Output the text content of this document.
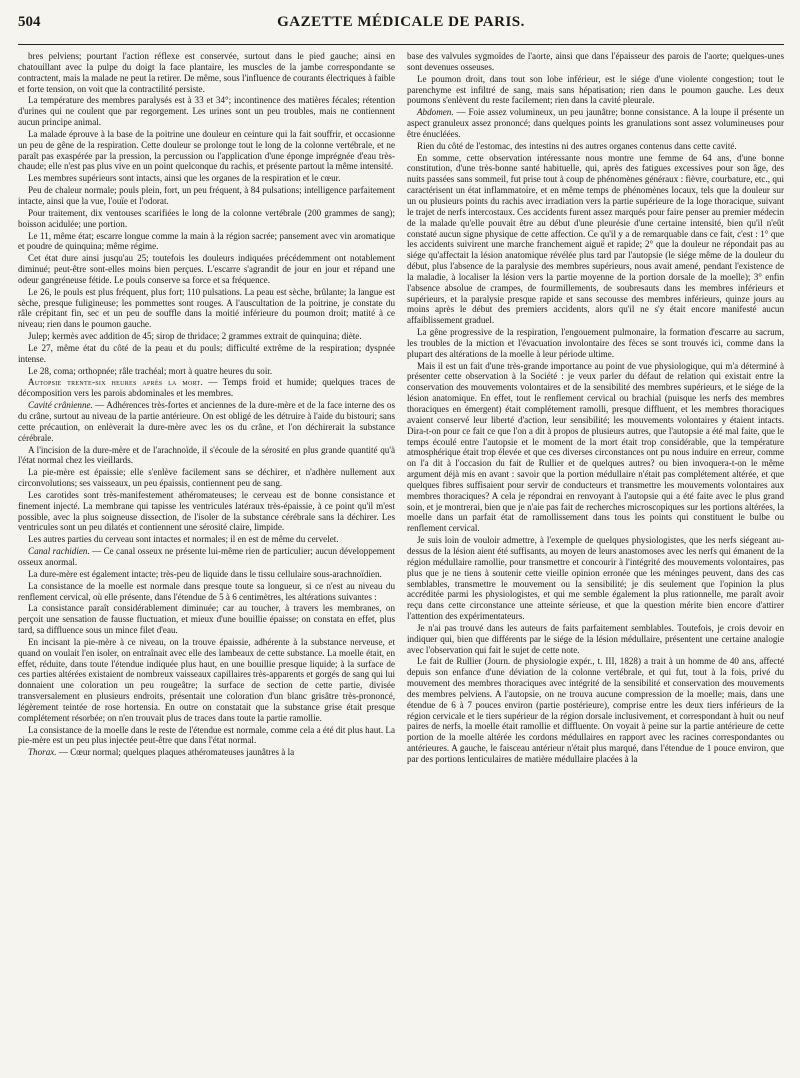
504	GAZETTE MÉDICALE DE PARIS.

bres pelviens; pourtant l'action réflexe est conservée, surtout dans le pied gauche; ainsi en chatouillant avec la pulpe du doigt la face plantaire, les muscles de la jambe correspondante se contractent, mais la malade ne peut la retirer. De même, sous l'influence de courants électriques à faible et forte tension, on voit que la contractilité persiste.

La température des membres paralysés est à 33 et 34°; incontinence des matières fécales; rétention d'urines qui ne coulent que par regorgement. Les urines sont un peu troubles, mais ne contiennent aucun principe animal.

La malade éprouve à la base de la poitrine une douleur en ceinture qui la fait souffrir, et occasionne un peu de gêne de la respiration. Cette douleur se prolonge tout le long de la colonne vertébrale, et ne paraît pas exaspérée par la pression, la percussion ou l'application d'une éponge imprégnée d'eau très-chaude; elle n'est pas plus vive en un point quelconque du rachis, et présente partout la même intensité.

Les membres supérieurs sont intacts, ainsi que les organes de la respiration et le cœur.

Peu de chaleur normale; pouls plein, fort, un peu fréquent, à 84 pulsations; intelligence parfaitement intacte, ainsi que la vue, l'ouïe et l'odorat.

Pour traitement, dix ventouses scarifiées le long de la colonne vertébrale (200 grammes de sang); boisson acidulée; une portion.

Le 11, même état; escarre longue comme la main à la région sacrée; pansement avec vin aromatique et poudre de quinquina; même régime.

Cet état dure ainsi jusqu'au 25; toutefois les douleurs indiquées précédemment ont notablement diminué; peut-être sont-elles moins bien perçues. L'escarre s'agrandit de jour en jour et répand une odeur gangréneuse fétide. Le pouls conserve sa force et sa fréquence.

Le 26, le pouls est plus fréquent, plus fort; 110 pulsations. La peau est sèche, brûlante; la langue est sèche, presque fuligineuse; les pommettes sont rouges. A l'auscultation de la poitrine, je constate du râle crépitant fin, sec et un peu de souffle dans la moitié inférieure du poumon droit; matité à ce niveau; rien dans le poumon gauche.

Julep; kermès avec addition de 45; sirop de thridace; 2 grammes extrait de quinquina; diète.

Le 27, même état du côté de la peau et du pouls; difficulté extrême de la respiration; dyspnée intense.

Le 28, coma; orthopnée; râle trachéal; mort à quatre heures du soir.

Autopsie trente-six heures après la mort. — Temps froid et humide; quelques traces de décomposition vers les parois abdominales et les membres.

Cavité crânienne. — Adhérences très-fortes et anciennes de la dure-mère et de la face interne des os du crâne, surtout au niveau de la partie antérieure. On est obligé de les détruire à l'aide du bistouri; sans cette précaution, on enlèverait la dure-mère avec les os du crâne, et l'on déchirerait la substance cérébrale.

A l'incision de la dure-mère et de l'arachnoïde, il s'écoule de la sérosité en plus grande quantité qu'à l'état normal chez les vieillards.

La pie-mère est épaissie; elle s'enlève facilement sans se déchirer, et n'adhère nullement aux circonvolutions; ses vaisseaux, un peu épaissis, contiennent peu de sang.

Les carotides sont très-manifestement athéromateuses; le cerveau est de bonne consistance et finement injecté. La membrane qui tapisse les ventricules latéraux très-épaissie, à ce point qu'il m'est possible, avec la plus soigneuse dissection, de l'isoler de la substance cérébrale sans la déchirer. Les ventricules sont un peu dilatés et contiennent une sérosité claire, limpide.

Les autres parties du cerveau sont intactes et normales; il en est de même du cervelet.

Canal rachidien. — Ce canal osseux ne présente lui-même rien de particulier; aucun développement osseux anormal.

La dure-mère est également intacte; très-peu de liquide dans le tissu cellulaire sous-arachnoïdien.

La consistance de la moelle est normale dans presque toute sa longueur, si ce n'est au niveau du renflement cervical, où elle présente, dans l'étendue de 5 à 6 centimètres, les altérations suivantes :

La consistance paraît considérablement diminuée; car au toucher, à travers les membranes, on perçoit une sensation de fausse fluctuation, et mieux d'une bouillie épaisse; on constata en effet, plus tard, sa diffluence sous un mince filet d'eau.

En incisant la pie-mère à ce niveau, on la trouve épaissie, adhérente à la substance nerveuse, et quand on voulait l'en isoler, on entraînait avec elle des lambeaux de cette substance. La moelle était, en effet, réduite, dans toute l'étendue indiquée plus haut, en une bouillie presque liquide; à la surface de ces parties altérées existaient de nombreux vaisseaux capillaires très-apparents et gorgés de sang qui lui donnaient une coloration un peu rougeâtre; la surface de section de cette partie, divisée transversalement en plusieurs endroits, présentait une coloration d'un blanc grisâtre très-prononcé, légèrement teintée de rose hortensia. En outre on constatait que la substance grise était presque complétement résorbée; on n'en trouvait plus de traces dans toute la partie ramollie.

La consistance de la moelle dans le reste de l'étendue est normale, comme cela a été dit plus haut. La pie-mère est un peu plus injectée peut-être que dans l'état normal.

Thorax. — Cœur normal; quelques plaques athéromateuses jaunâtres à la

base des valvules sygmoïdes de l'aorte, ainsi que dans l'épaisseur des parois de l'aorte; quelques-unes sont devenues osseuses.

Le poumon droit, dans tout son lobe inférieur, est le siége d'une violente congestion; tout le parenchyme est infiltré de sang, mais sans hépatisation; rien dans le poumon gauche. Les deux poumons s'enlèvent du reste facilement; rien dans la cavité pleurale.

Abdomen. — Foie assez volumineux, un peu jaunâtre; bonne consistance. A la loupe il présente un aspect granuleux assez prononcé; dans quelques points les granulations sont assez volumineuses pour être énucléées.

Rien du côté de l'estomac, des intestins ni des autres organes contenus dans cette cavité.

En somme, cette observation intéressante nous montre une femme de 64 ans, d'une bonne constitution, d'une très-bonne santé habituelle, qui, après des fatigues excessives pour son âge, des nuits passées sans sommeil, fut prise tout à coup de phénomènes généraux : fièvre, courbature, etc., qui caractérisent un état inflammatoire, et en même temps de phénomènes locaux, tels que la douleur sur un ou plusieurs points du rachis avec irradiation vers la partie supérieure de la loge thoracique, suivant le trajet de nerfs intercostaux. Ces accidents furent assez marqués pour faire penser au premier médecin de la malade qu'elle pouvait être au début d'une pleurésie d'une certaine intensité, bien qu'il n'eût constaté aucun signe physique de cette affection. Ce qu'il y a de remarquable dans ce fait, c'est : 1° que les accidents suivirent une marche franchement aiguë et rapide; 2° que la douleur ne répondait pas au siége qu'affectait la lésion anatomique révélée plus tard par l'autopsie (le siége même de la douleur du début, plus l'absence de la paralysie des membres supérieurs, nous avait amené, pendant l'existence de la maladie, à localiser la lésion vers la partie moyenne de la portion dorsale de la moelle); 3° enfin l'absence absolue de crampes, de fourmillements, de soubresauts dans les membres inférieurs et supérieurs, et la paralysie presque rapide et sans secousse des membres inférieurs, quinze jours au moins après le début des premiers accidents, alors qu'il ne s'y était encore manifesté aucun affaiblissement graduel.

La gêne progressive de la respiration, l'engouement pulmonaire, la formation d'escarre au sacrum, les troubles de la miction et l'évacuation involontaire des fèces se sont trouvés ici, comme dans la plupart des altérations de la moelle à leur période ultime.

Mais il est un fait d'une très-grande importance au point de vue physiologique, qui m'a déterminé à présenter cette observation à la Société : je veux parler du défaut de relation qui existait entre la conservation des mouvements volontaires et de la sensibilité des membres supérieurs, et le siége de la lésion anatomique. En effet, tout le renflement cervical ou brachial (puisque les nerfs des membres thoraciques en émergent) était complétement ramolli, presque diffluent, et les membres thoraciques avaient conservé leur liberté d'action, leur sensibilité; les mouvements volontaires y étaient intacts. Dira-t-on pour ce fait ce que l'on a dit à propos de plusieurs autres, que l'autopsie a été mal faite, que le temps écoulé entre l'autopsie et le moment de la mort était trop considérable, que la température atmosphérique était trop élevée et que ces diverses circonstances ont pu nous induire en erreur, comme on l'a dit à l'occasion du fait de Rullier et de quelques autres? ou bien invoquera-t-on le même argument déjà mis en avant : savoir que la portion médullaire n'était pas complétement altérée, et que quelques fibres suffisaient pour servir de conducteurs et transmettre les mouvements volontaires aux membres thoraciques? A cela je répondrai en renvoyant à l'autopsie qui a été faite avec le plus grand soin, et je montrerai, bien que je n'aie pas fait de recherches microscopiques sur les portions altérées, la moelle dans un parfait état de ramollissement dans tous les points qui constituent le bulbe ou renflement cervical.

Je suis loin de vouloir admettre, à l'exemple de quelques physiologistes, que les nerfs siégeant au-dessus de la lésion aient été suffisants, au moyen de leurs anastomoses avec les nerfs qui émanent de la région médullaire ramollie, pour transmettre et concourir à l'intégrité des mouvements volontaires, pas plus que je ne tiens à soutenir cette vieille opinion erronée que les méninges peuvent, dans des cas semblables, transmettre le mouvement ou la sensibilité; je dis seulement que l'opinion la plus accréditée parmi les physiologistes, et qui me semble également la plus rationnelle, me paraît avoir reçu dans cette circonstance une atteinte sérieuse, et que la question mérite bien encore d'attirer l'attention des expérimentateurs.

Je n'ai pas trouvé dans les auteurs de faits parfaitement semblables. Toutefois, je crois devoir en indiquer qui, bien que différents par le siége de la lésion médullaire, présentent une certaine analogie avec l'observation qui fait le sujet de cette note.

Le fait de Rullier (Journ. de physiologie expér., t. III, 1828) a trait à un homme de 40 ans, affecté depuis son enfance d'une déviation de la colonne vertébrale, et qui fut, tout à la fois, privé du mouvement des membres thoraciques avec intégrité de la sensibilité et conservation des mouvements des membres pelviens. A l'autopsie, on ne trouva aucune compression de la moelle; mais, dans une étendue de 6 à 7 pouces environ (partie postérieure), comprise entre les deux tiers inférieurs de la région cervicale et le tiers supérieur de la région dorsale inclusivement, et correspondant à huit ou neuf paires de nerfs, la moelle était ramollie et diffluente. On voyait à peine sur la partie antérieure de cette portion de la moelle altérée les cordons médullaires en rapport avec les racines correspondantes ou antérieures. A gauche, le faisceau antérieur n'était plus marqué, dans l'étendue de 1 pouce environ, que par des portions lenticulaires de matière médullaire placées à la
